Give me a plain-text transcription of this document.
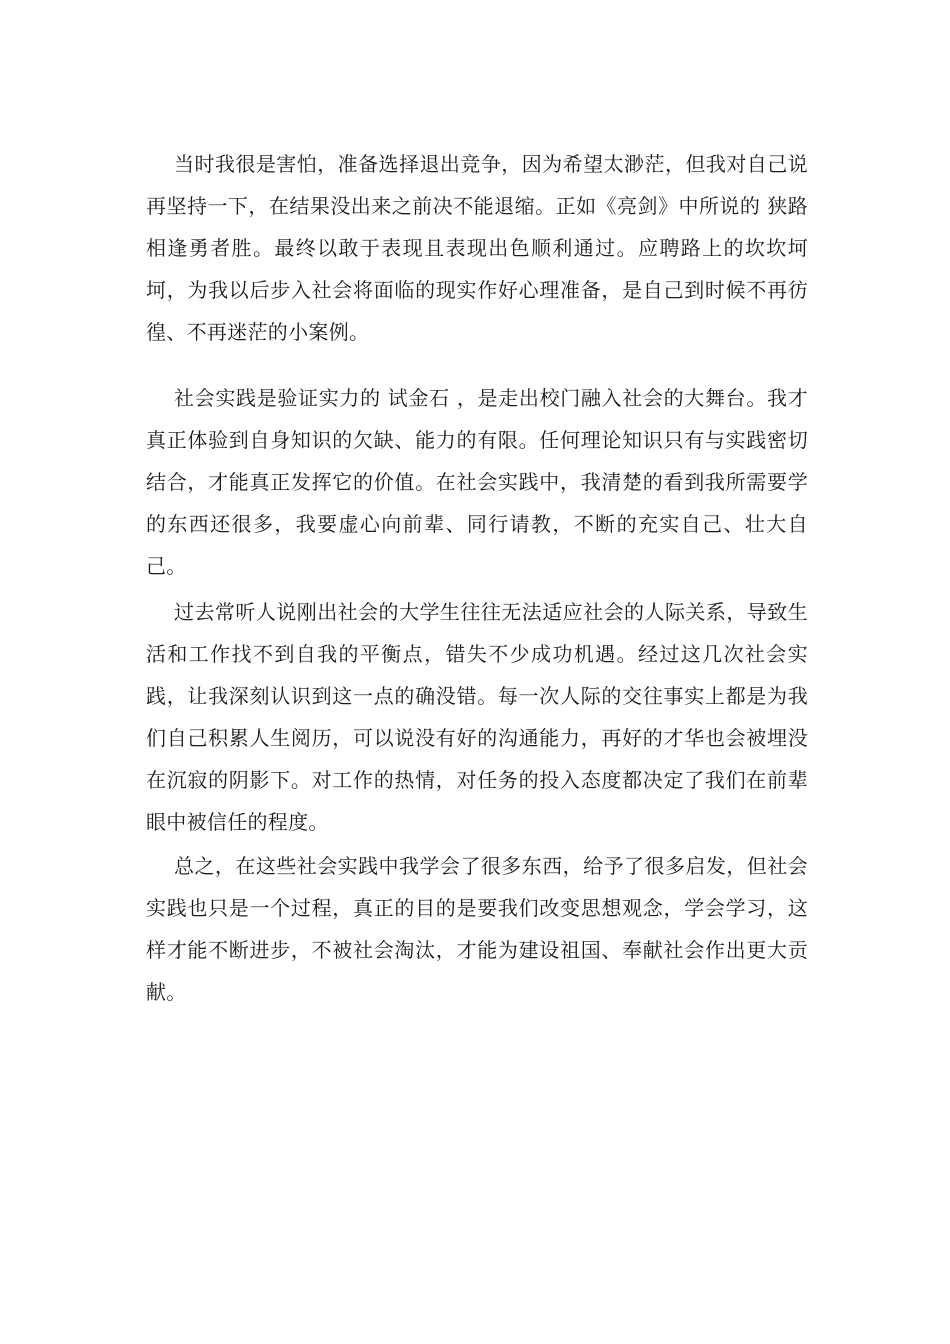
当时我很是害怕，准备选择退出竞争，因为希望太渺茫，但我对自己说再坚持一下，在结果没出来之前决不能退缩。正如《亮剑》中所说的 狭路相逢勇者胜。最终以敢于表现且表现出色顺利通过。应聘路上的坎坎坷坷，为我以后步入社会将面临的现实作好心理准备，是自己到时候不再彷徨、不再迷茫的小案例。

社会实践是验证实力的 试金石 ，是走出校门融入社会的大舞台。我才真正体验到自身知识的欠缺、能力的有限。任何理论知识只有与实践密切结合，才能真正发挥它的价值。在社会实践中，我清楚的看到我所需要学的东西还很多，我要虚心向前辈、同行请教，不断的充实自己、壮大自己。

过去常听人说刚出社会的大学生往往无法适应社会的人际关系，导致生活和工作找不到自我的平衡点，错失不少成功机遇。经过这几次社会实践，让我深刻认识到这一点的确没错。每一次人际的交往事实上都是为我们自己积累人生阅历，可以说没有好的沟通能力，再好的才华也会被埋没在沉寂的阴影下。对工作的热情，对任务的投入态度都决定了我们在前辈眼中被信任的程度。

总之，在这些社会实践中我学会了很多东西，给予了很多启发，但社会实践也只是一个过程，真正的目的是要我们改变思想观念，学会学习，这样才能不断进步，不被社会淘汰，才能为建设祖国、奉献社会作出更大贡献。
